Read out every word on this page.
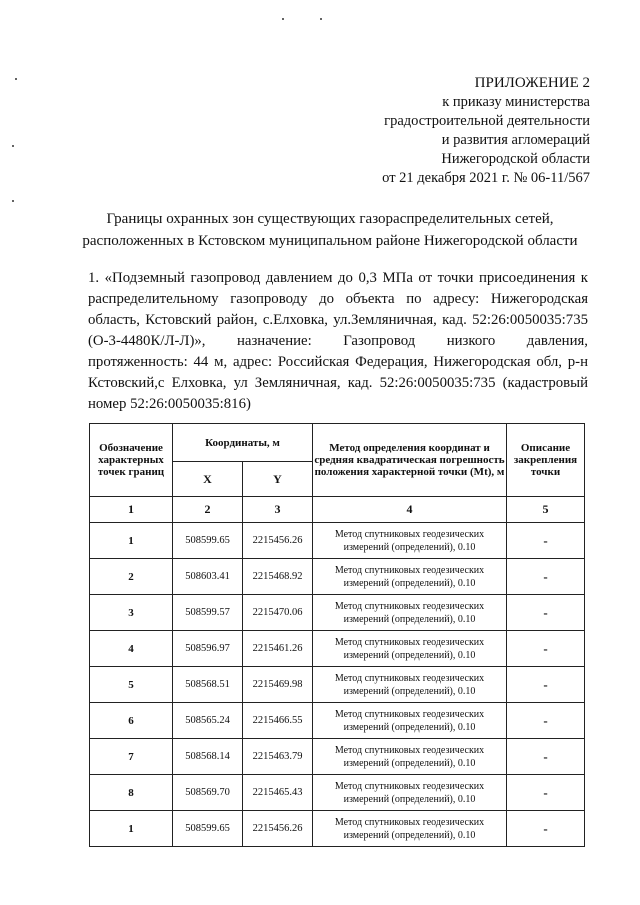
ПРИЛОЖЕНИЕ 2
к приказу министерства
градостроительной деятельности
и развития агломераций
Нижегородской области
от 21 декабря 2021 г. № 06-11/567
Границы охранных зон существующих газораспределительных сетей,
расположенных в Кстовском муниципальном районе Нижегородской области
1. «Подземный газопровод давлением до 0,3 МПа от точки присоединения к
распределительному газопроводу до объекта по адресу: Нижегородская
область, Кстовский район, с.Елховка, ул.Земляничная, кад. 52:26:0050035:735
(О-3-4480К/Л-Л)», назначение: Газопровод низкого давления,
протяженность: 44 м, адрес: Российская Федерация, Нижегородская обл, р-н
Кстовский,с Елховка, ул Земляничная, кад. 52:26:0050035:735 (кадастровый
номер 52:26:0050035:816)
Обозначение характерных точек границ	Координаты, м		Метод определения координат и средняя квадратическая погрешность положения характерной точки (Mt), м	Описание закрепления точки
	X	Y		
1	2	3	4	5
1	508599.65	2215456.26	Метод спутниковых геодезических измерений (определений), 0.10	-
2	508603.41	2215468.92	Метод спутниковых геодезических измерений (определений), 0.10	-
3	508599.57	2215470.06	Метод спутниковых геодезических измерений (определений), 0.10	-
4	508596.97	2215461.26	Метод спутниковых геодезических измерений (определений), 0.10	-
5	508568.51	2215469.98	Метод спутниковых геодезических измерений (определений), 0.10	-
6	508565.24	2215466.55	Метод спутниковых геодезических измерений (определений), 0.10	-
7	508568.14	2215463.79	Метод спутниковых геодезических измерений (определений), 0.10	-
8	508569.70	2215465.43	Метод спутниковых геодезических измерений (определений), 0.10	-
1	508599.65	2215456.26	Метод спутниковых геодезических измерений (определений), 0.10	-
